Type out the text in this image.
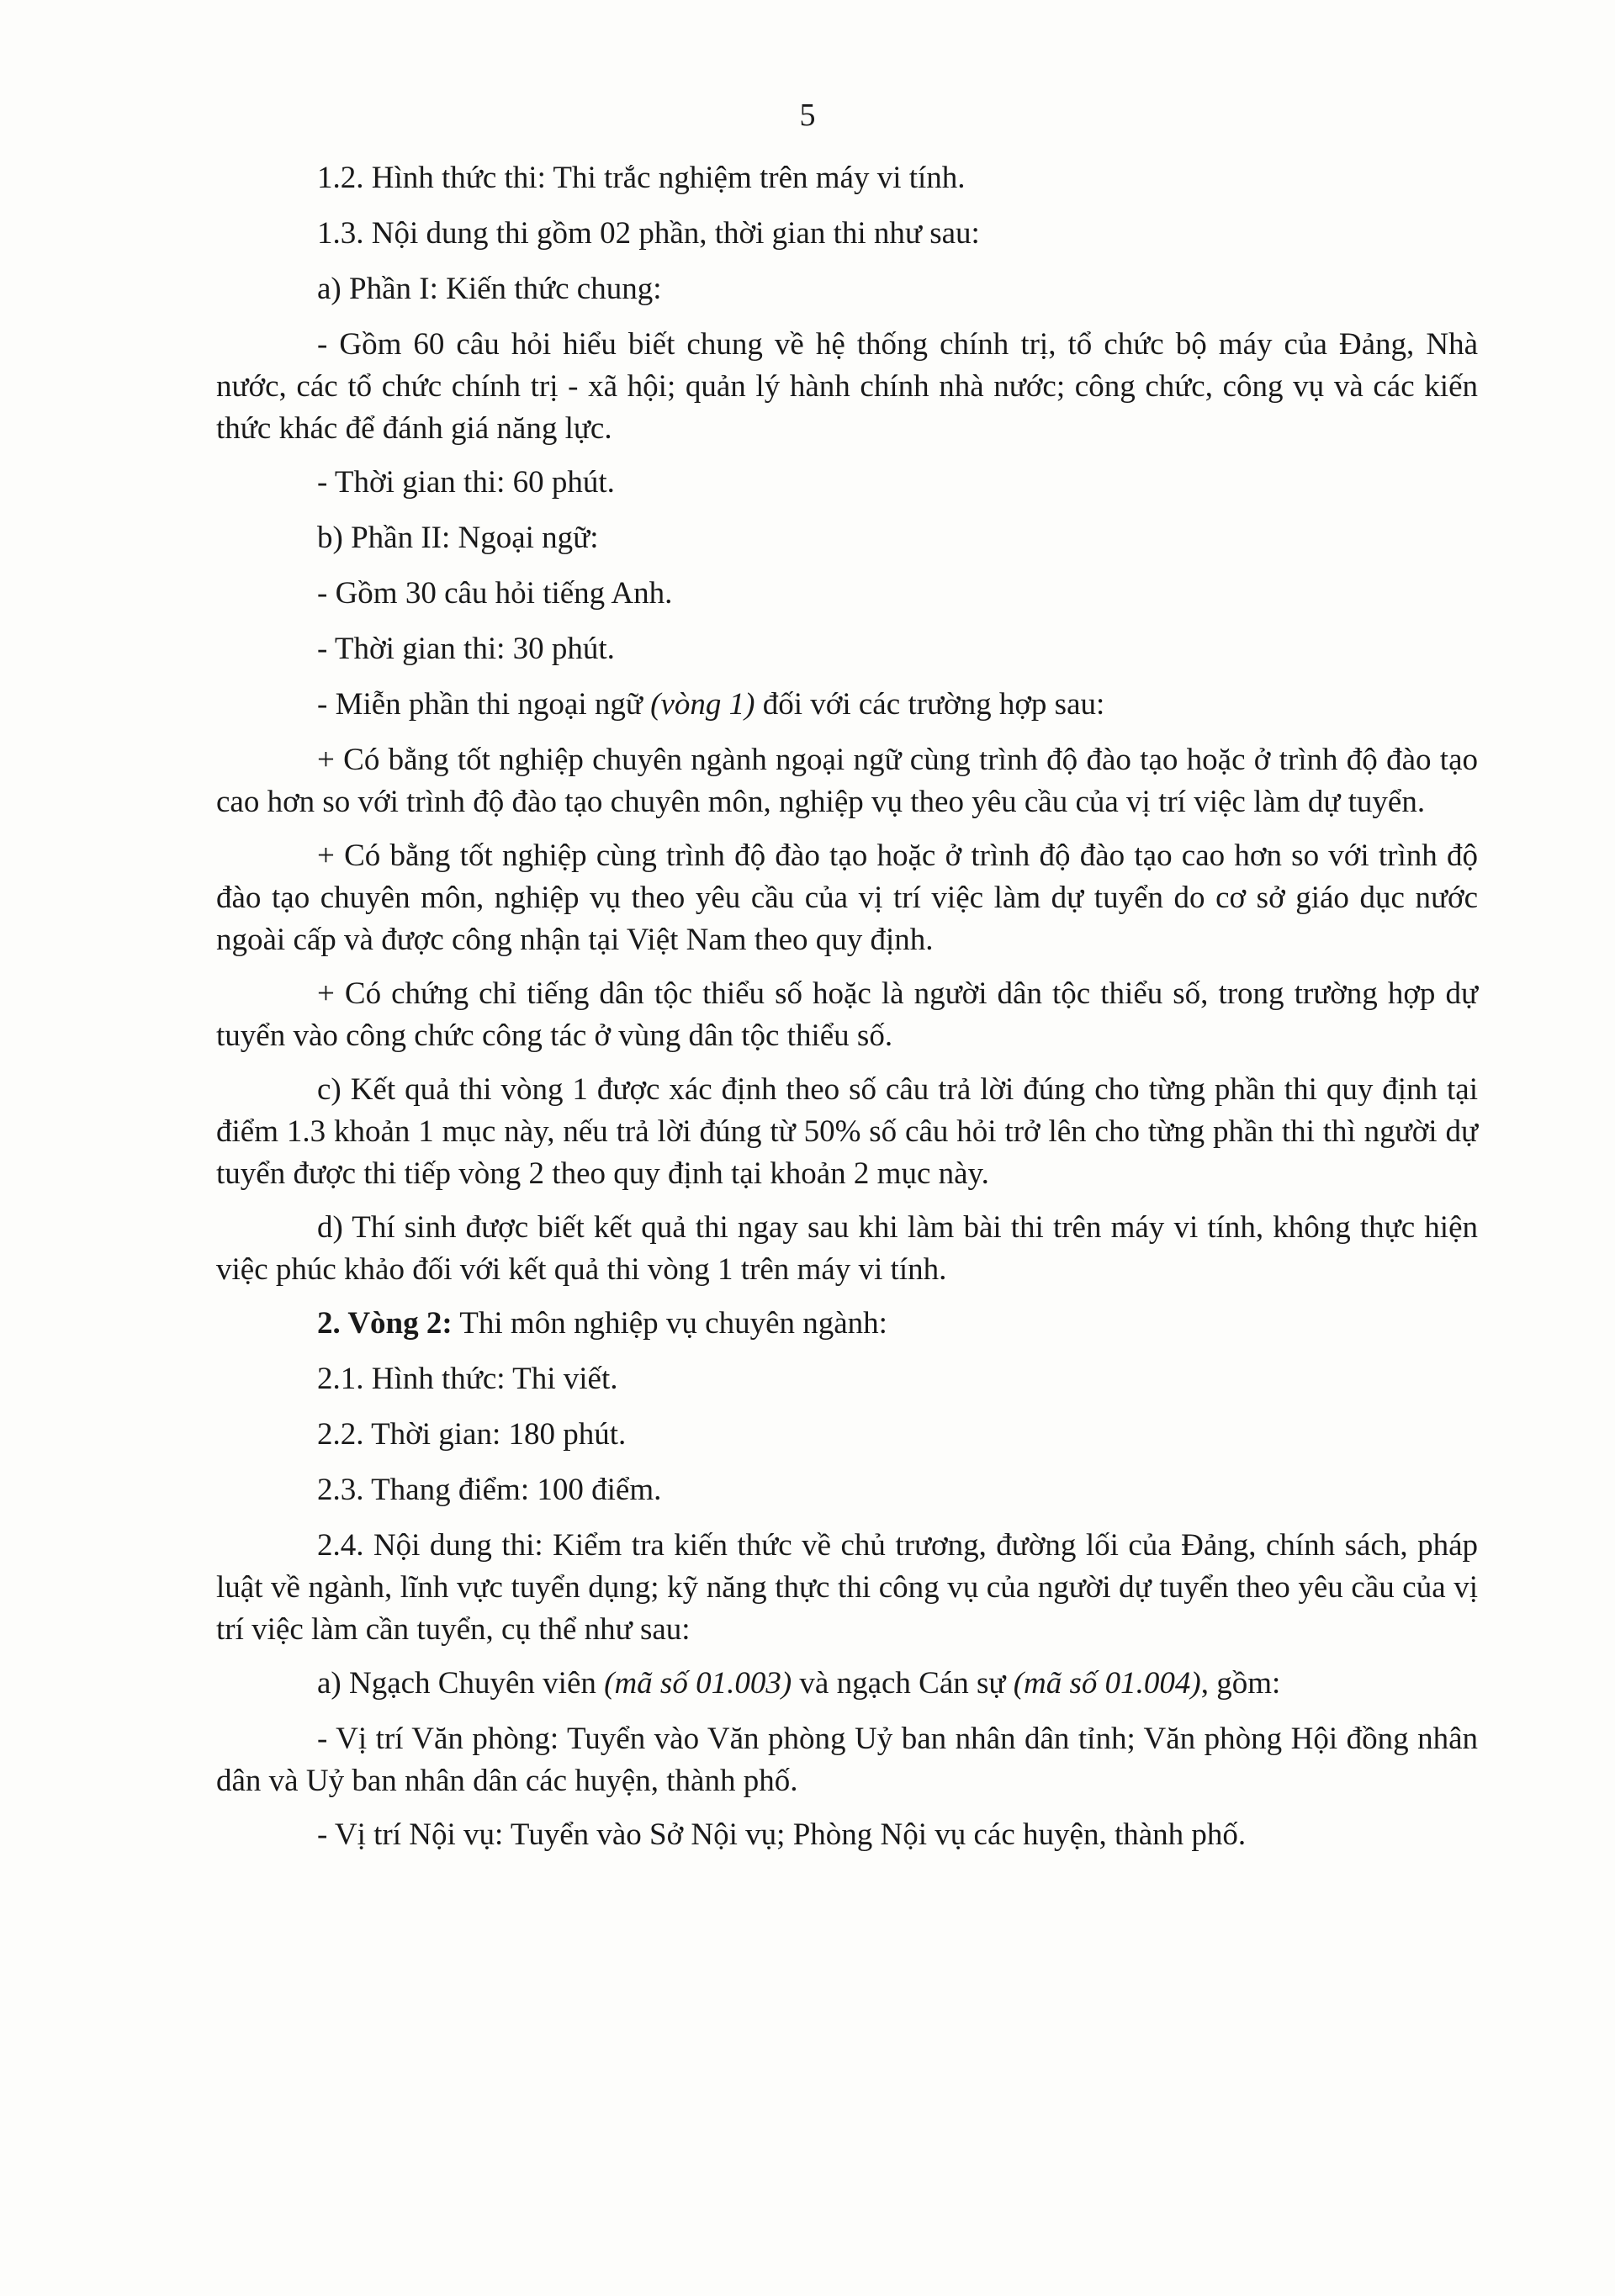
5

1.2. Hình thức thi: Thi trắc nghiệm trên máy vi tính.

1.3. Nội dung thi gồm 02 phần, thời gian thi như sau:

a) Phần I: Kiến thức chung:

- Gồm 60 câu hỏi hiểu biết chung về hệ thống chính trị, tổ chức bộ máy của Đảng, Nhà nước, các tổ chức chính trị - xã hội; quản lý hành chính nhà nước; công chức, công vụ và các kiến thức khác để đánh giá năng lực.

- Thời gian thi: 60 phút.

b) Phần II: Ngoại ngữ:

- Gồm 30 câu hỏi tiếng Anh.

- Thời gian thi: 30 phút.

- Miễn phần thi ngoại ngữ (vòng 1) đối với các trường hợp sau:

+ Có bằng tốt nghiệp chuyên ngành ngoại ngữ cùng trình độ đào tạo hoặc ở trình độ đào tạo cao hơn so với trình độ đào tạo chuyên môn, nghiệp vụ theo yêu cầu của vị trí việc làm dự tuyển.

+ Có bằng tốt nghiệp cùng trình độ đào tạo hoặc ở trình độ đào tạo cao hơn so với trình độ đào tạo chuyên môn, nghiệp vụ theo yêu cầu của vị trí việc làm dự tuyển do cơ sở giáo dục nước ngoài cấp và được công nhận tại Việt Nam theo quy định.

+ Có chứng chỉ tiếng dân tộc thiểu số hoặc là người dân tộc thiểu số, trong trường hợp dự tuyển vào công chức công tác ở vùng dân tộc thiểu số.

c) Kết quả thi vòng 1 được xác định theo số câu trả lời đúng cho từng phần thi quy định tại điểm 1.3 khoản 1 mục này, nếu trả lời đúng từ 50% số câu hỏi trở lên cho từng phần thi thì người dự tuyển được thi tiếp vòng 2 theo quy định tại khoản 2 mục này.

d) Thí sinh được biết kết quả thi ngay sau khi làm bài thi trên máy vi tính, không thực hiện việc phúc khảo đối với kết quả thi vòng 1 trên máy vi tính.

2. Vòng 2: Thi môn nghiệp vụ chuyên ngành:

2.1. Hình thức: Thi viết.

2.2. Thời gian: 180 phút.

2.3. Thang điểm: 100 điểm.

2.4. Nội dung thi: Kiểm tra kiến thức về chủ trương, đường lối của Đảng, chính sách, pháp luật về ngành, lĩnh vực tuyển dụng; kỹ năng thực thi công vụ của người dự tuyển theo yêu cầu của vị trí việc làm cần tuyển, cụ thể như sau:

a) Ngạch Chuyên viên (mã số 01.003) và ngạch Cán sự (mã số 01.004), gồm:

- Vị trí Văn phòng: Tuyển vào Văn phòng Uỷ ban nhân dân tỉnh; Văn phòng Hội đồng nhân dân và Uỷ ban nhân dân các huyện, thành phố.

- Vị trí Nội vụ: Tuyển vào Sở Nội vụ; Phòng Nội vụ các huyện, thành phố.
